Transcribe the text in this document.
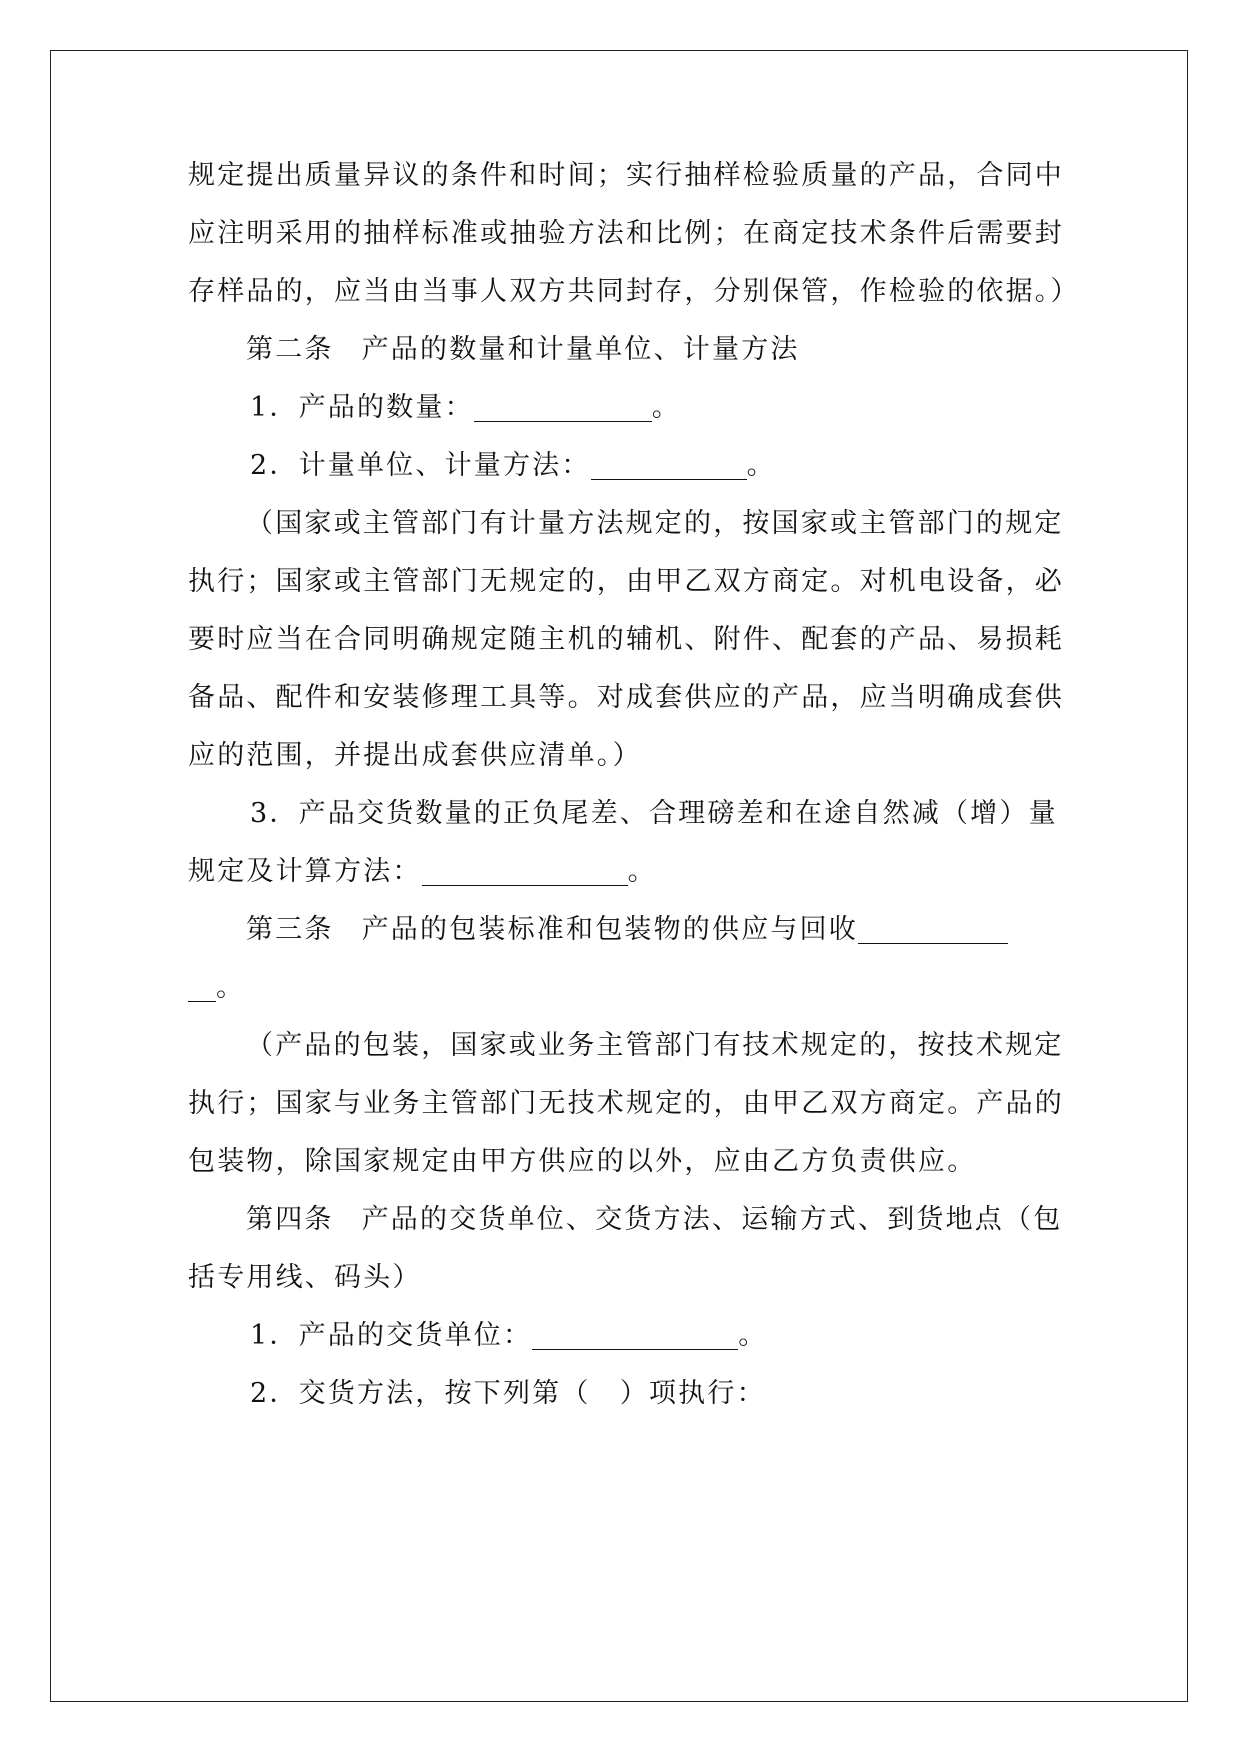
规定提出质量异议的条件和时间；实行抽样检验质量的产品，合同中
应注明采用的抽样标准或抽验方法和比例；在商定技术条件后需要封
存样品的，应当由当事人双方共同封存，分别保管，作检验的依据。）
第二条 产品的数量和计量单位、计量方法
1．产品的数量：	。
2．计量单位、计量方法：	。
（国家或主管部门有计量方法规定的，按国家或主管部门的规定
执行；国家或主管部门无规定的，由甲乙双方商定。对机电设备，必
要时应当在合同明确规定随主机的辅机、附件、配套的产品、易损耗
备品、配件和安装修理工具等。对成套供应的产品，应当明确成套供
应的范围，并提出成套供应清单。）
3．产品交货数量的正负尾差、合理磅差和在途自然减（增）量
规定及计算方法：	。
第三条 产品的包装标准和包装物的供应与回收
。
（产品的包装，国家或业务主管部门有技术规定的，按技术规定
执行；国家与业务主管部门无技术规定的，由甲乙双方商定。产品的
包装物，除国家规定由甲方供应的以外，应由乙方负责供应。
第四条 产品的交货单位、交货方法、运输方式、到货地点（包
括专用线、码头）
1．产品的交货单位：	。
2．交货方法，按下列第（　）项执行：
